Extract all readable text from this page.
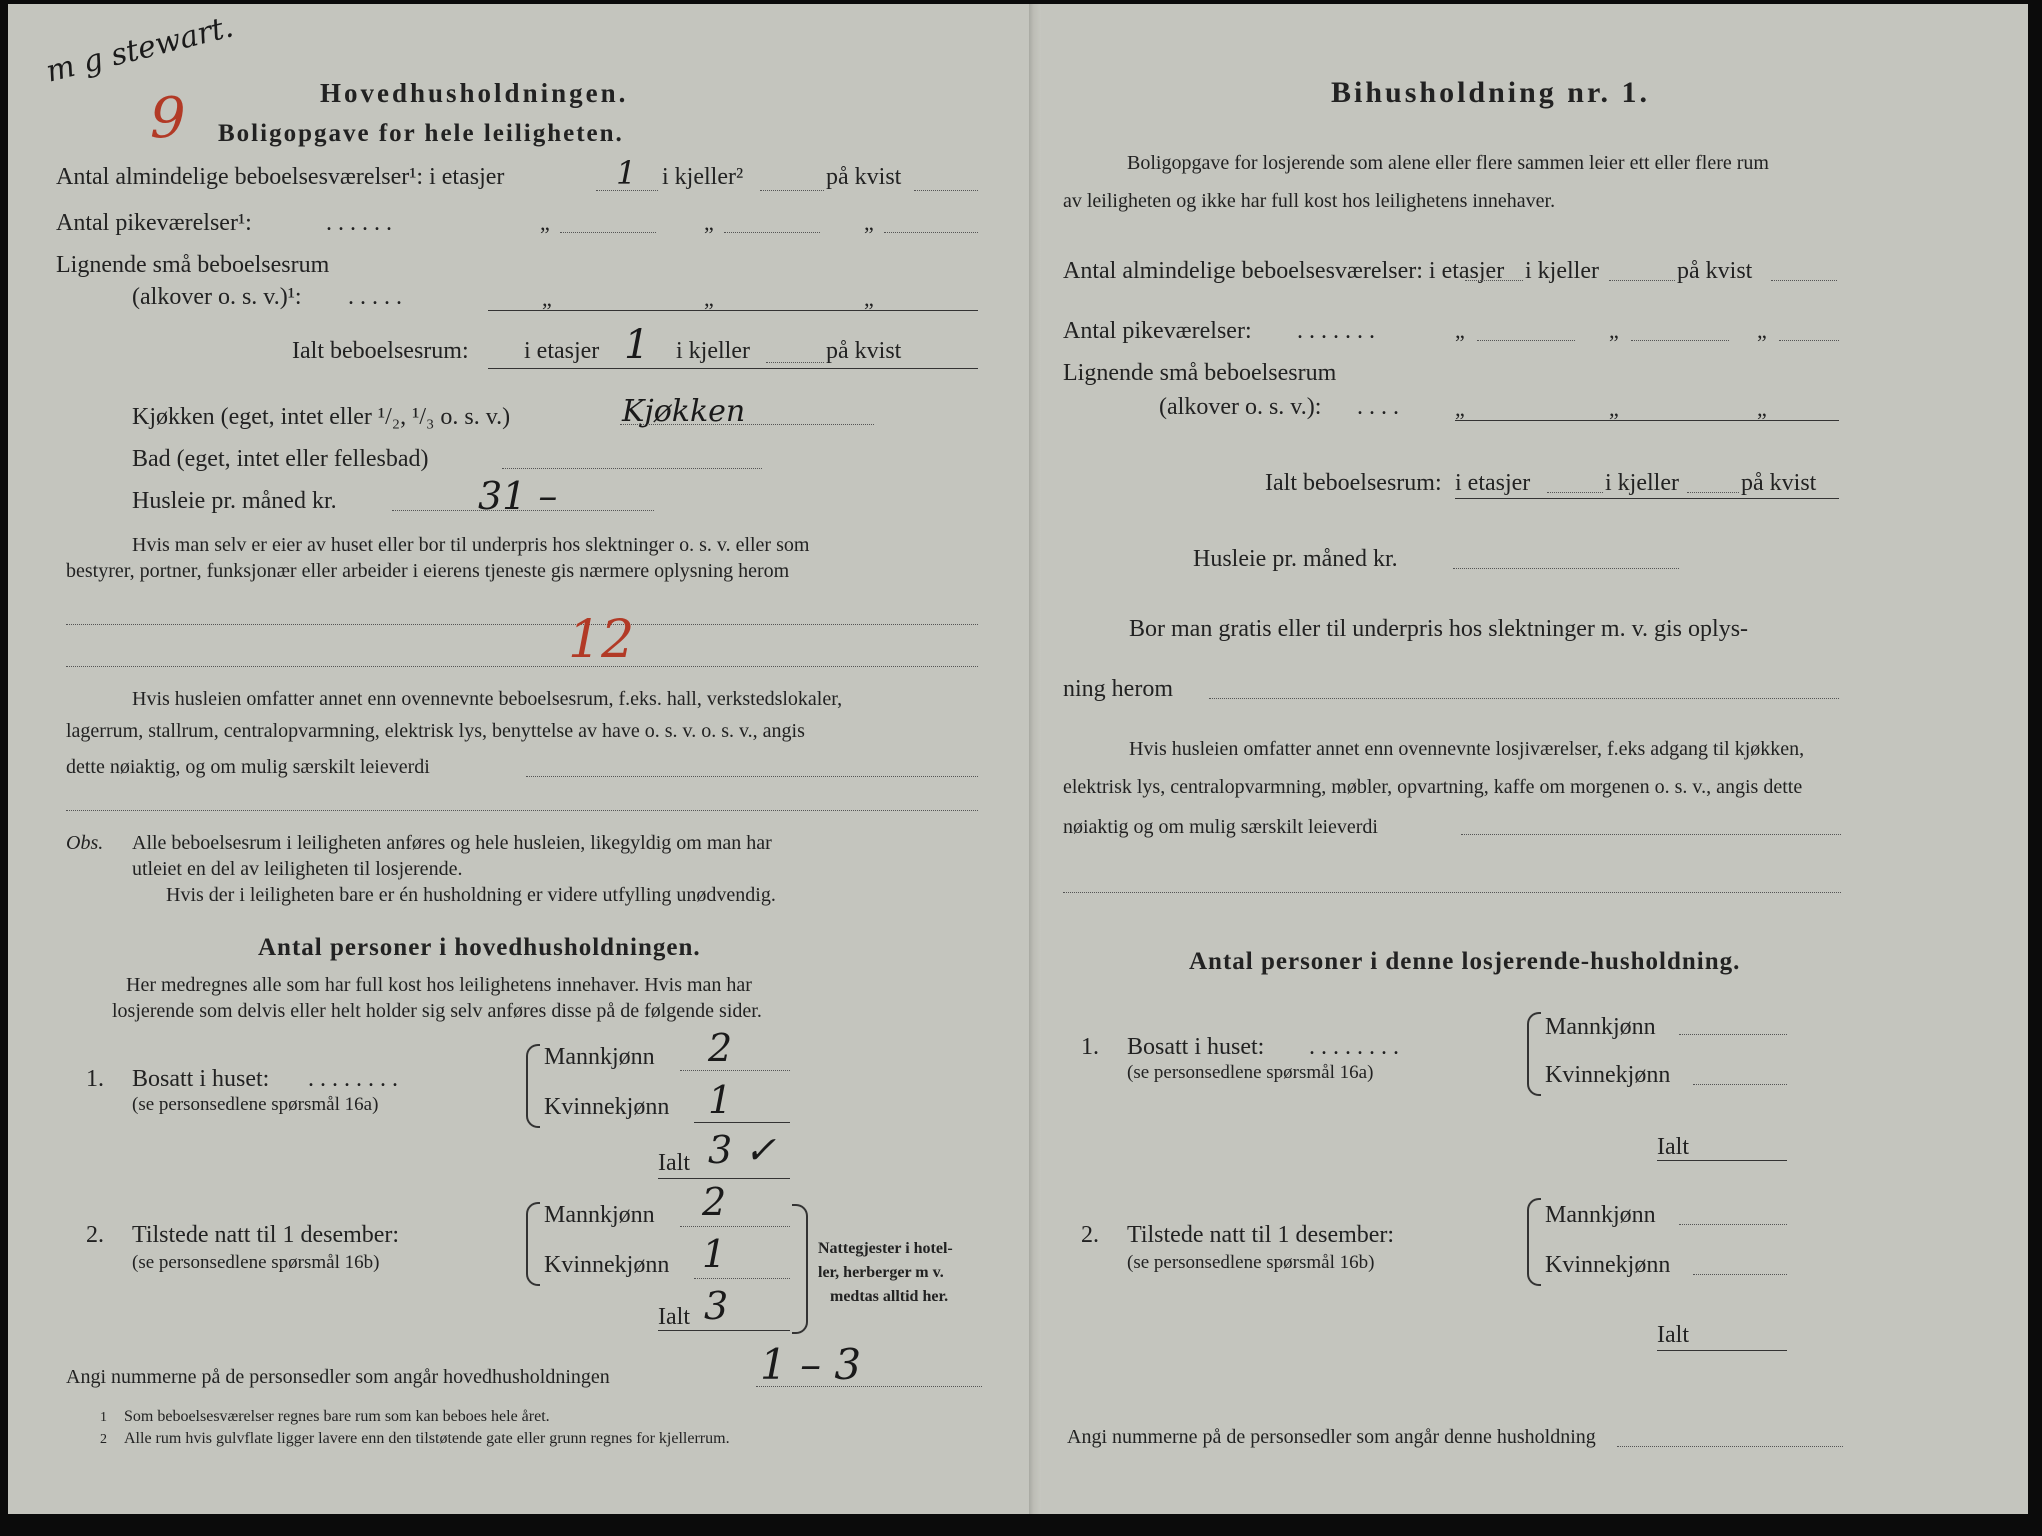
m g stewart.
9	Hovedhusholdningen.
Boligopgave for hele leiligheten.
Antal almindelige beboelsesværelser¹: i etasjer	1 i kjeller²	på kvist
Antal pikeværelser¹:	. . . . . .	„	„	„
Lignende små beboelsesrum
(alkover o. s. v.)¹: . . . . .	„	„	„
Ialt beboelsesrum: i etasjer 1 i kjeller	på kvist
Kjøkken (eget, intet eller ¹/₂, ¹/₃ o. s. v.)	Kjøkken
Bad (eget, intet eller fellesbad)
Husleie pr. måned kr.	31 –
Hvis man selv er eier av huset eller bor til underpris hos slektninger o. s. v. eller som
bestyrer, portner, funksjonær eller arbeider i eierens tjeneste gis nærmere oplysning herom
12
Hvis husleien omfatter annet enn ovennevnte beboelsesrum, f.eks. hall, verkstedslokaler,
lagerrum, stallrum, centralopvarmning, elektrisk lys, benyttelse av have o. s. v. o. s. v., angis
dette nøiaktig, og om mulig særskilt leieverdi
Obs. Alle beboelsesrum i leiligheten anføres og hele husleien, likegyldig om man har
utleiet en del av leiligheten til losjerende.
Hvis der i leiligheten bare er én husholdning er videre utfylling unødvendig.
Antal personer i hovedhusholdningen.
Her medregnes alle som har full kost hos leilighetens innehaver. Hvis man har
losjerende som delvis eller helt holder sig selv anføres disse på de følgende sider.
1. Bosatt i huset: . . . . . . . .
(se personsedlene spørsmål 16a)
Mannkjønn 2
Kvinnekjønn 1
Ialt 3 ✓
2. Tilstede natt til 1 desember:
(se personsedlene spørsmål 16b)
Mannkjønn 2
Kvinnekjønn 1
Ialt 3
Nattegjester i hotel-
ler, herberger m v.
medtas alltid her.
Angi nummerne på de personsedler som angår hovedhusholdningen	1 – 3
1 Som beboelsesværelser regnes bare rum som kan beboes hele året.
2 Alle rum hvis gulvflate ligger lavere enn den tilstøtende gate eller grunn regnes for kjellerrum.
Bihusholdning nr. 1.
Boligopgave for losjerende som alene eller flere sammen leier ett eller flere rum
av leiligheten og ikke har full kost hos leilighetens innehaver.
Antal almindelige beboelsesværelser: i etasjer i kjeller	på kvist
Antal pikeværelser: . . . . . . .	„	„	„
Lignende små beboelsesrum
(alkover o. s. v.): . . . .	„	„	„
Ialt beboelsesrum: i etasjer	i kjeller	på kvist
Husleie pr. måned kr.
Bor man gratis eller til underpris hos slektninger m. v. gis oplys-
ning herom
Hvis husleien omfatter annet enn ovennevnte losjiværelser, f.eks adgang til kjøkken,
elektrisk lys, centralopvarmning, møbler, opvartning, kaffe om morgenen o. s. v., angis dette
nøiaktig og om mulig særskilt leieverdi
Antal personer i denne losjerende-husholdning.
1. Bosatt i huset: . . . . . . . .
(se personsedlene spørsmål 16a)
Mannkjønn
Kvinnekjønn
Ialt
2. Tilstede natt til 1 desember:
(se personsedlene spørsmål 16b)
Mannkjønn
Kvinnekjønn
Ialt
Angi nummerne på de personsedler som angår denne husholdning
